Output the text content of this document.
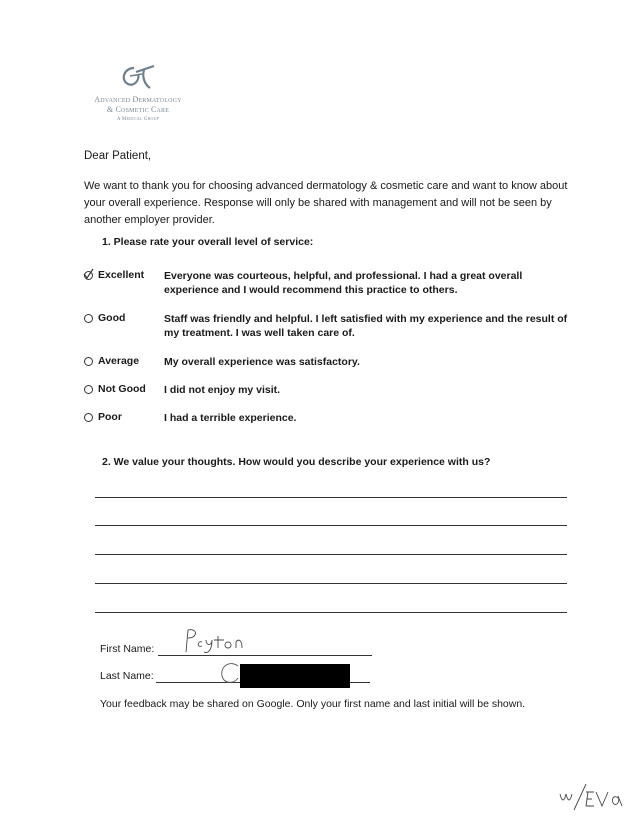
Advanced Dermatology
& Cosmetic Care
A Medical Group
Dear Patient,
We want to thank you for choosing advanced dermatology & cosmetic care and want to know about your overall experience. Response will only be shared with management and will not be seen by another employer provider.
1. Please rate your overall level of service:
Excellent	Everyone was courteous, helpful, and professional. I had a great overall experience and I would recommend this practice to others.
Good	Staff was friendly and helpful. I left satisfied with my experience and the result of my treatment. I was well taken care of.
Average	My overall experience was satisfactory.
Not Good	I did not enjoy my visit.
Poor	I had a terrible experience.
2. We value your thoughts. How would you describe your experience with us?
First Name:
Last Name:
Your feedback may be shared on Google. Only your first name and last initial will be shown.
